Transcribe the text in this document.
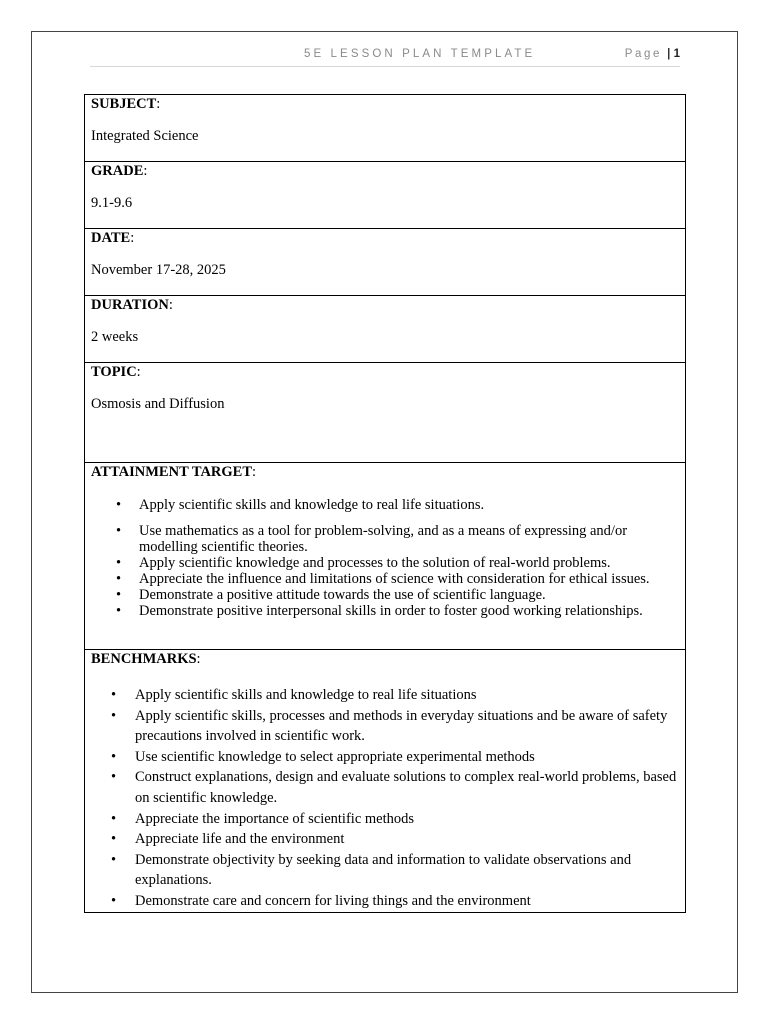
5E LESSON PLAN TEMPLATE	Page | 1
SUBJECT:
Integrated Science

GRADE:
9.1-9.6

DATE:
November 17-28, 2025

DURATION:
2 weeks

TOPIC:
Osmosis and Diffusion

ATTAINMENT TARGET:
• Apply scientific skills and knowledge to real life situations.
• Use mathematics as a tool for problem-solving, and as a means of expressing and/or modelling scientific theories.
• Apply scientific knowledge and processes to the solution of real-world problems.
• Appreciate the influence and limitations of science with consideration for ethical issues.
• Demonstrate a positive attitude towards the use of scientific language.
• Demonstrate positive interpersonal skills in order to foster good working relationships.

BENCHMARKS:
• Apply scientific skills and knowledge to real life situations
• Apply scientific skills, processes and methods in everyday situations and be aware of safety precautions involved in scientific work.
• Use scientific knowledge to select appropriate experimental methods
• Construct explanations, design and evaluate solutions to complex real-world problems, based on scientific knowledge.
• Appreciate the importance of scientific methods
• Appreciate life and the environment
• Demonstrate objectivity by seeking data and information to validate observations and explanations.
• Demonstrate care and concern for living things and the environment
